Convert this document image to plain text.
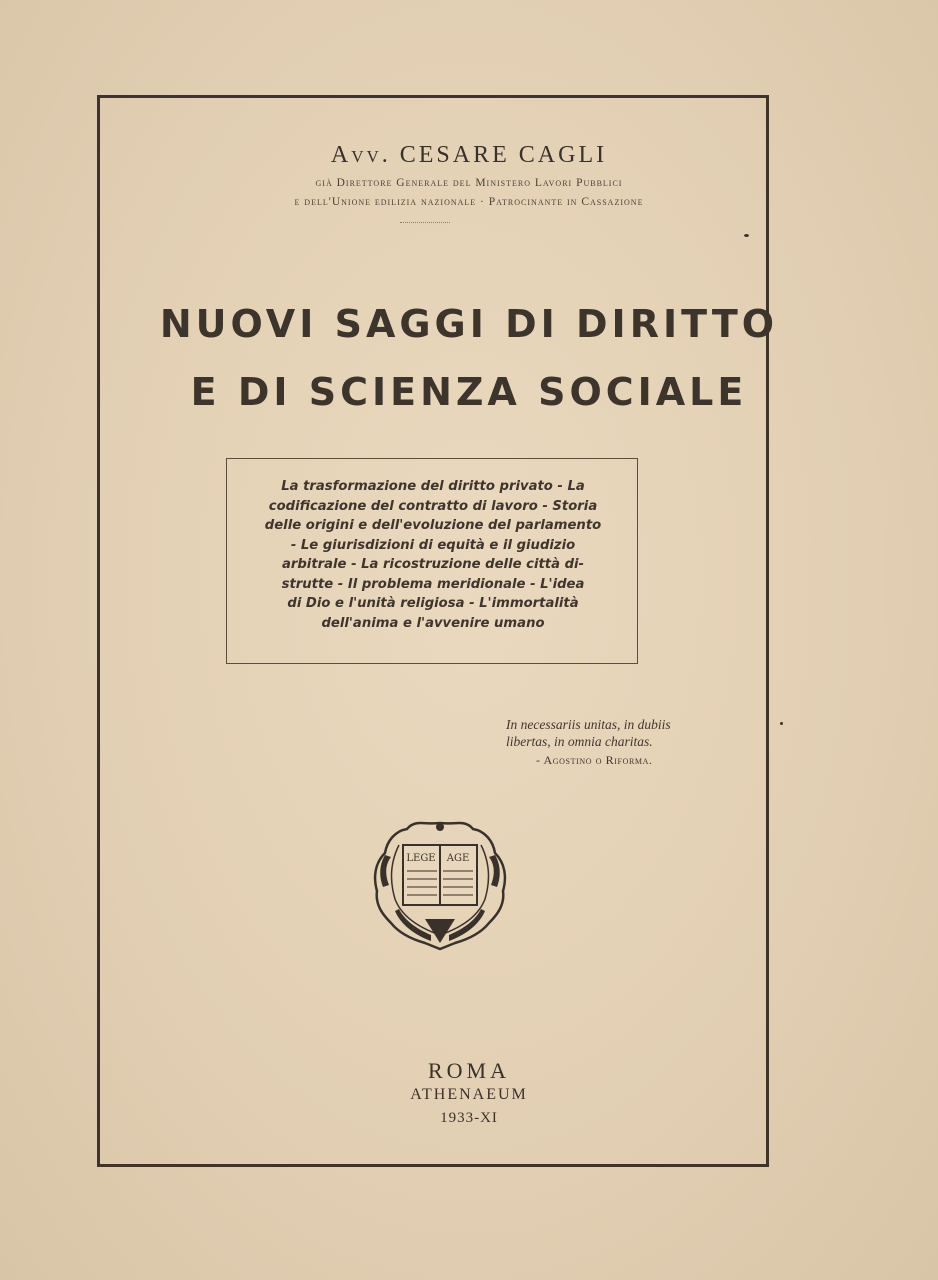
Avv. CESARE CAGLI
già Direttore Generale del Ministero Lavori Pubblici
e dell'Unione edilizia nazionale · Patrocinante in Cassazione
NUOVI SAGGI DI DIRITTO
E DI SCIENZA SOCIALE

La trasformazione del diritto privato - La

codificazione del contratto di lavoro - Storia

delle origini e dell'evoluzione del parlamento

- Le giurisdizioni di equità e il giudizio

arbitrale - La ricostruzione delle città di-

strutte - Il problema meridionale - L'idea

di Dio e l'unità religiosa - L'immortalità

dell'anima e l'avvenire umano

In necessariis unitas, in dubiis
libertas, in omnia charitas.
- Agostino o Riforma.
LEGE AGE
ROMA
ATHENAEUM
1933-XI
